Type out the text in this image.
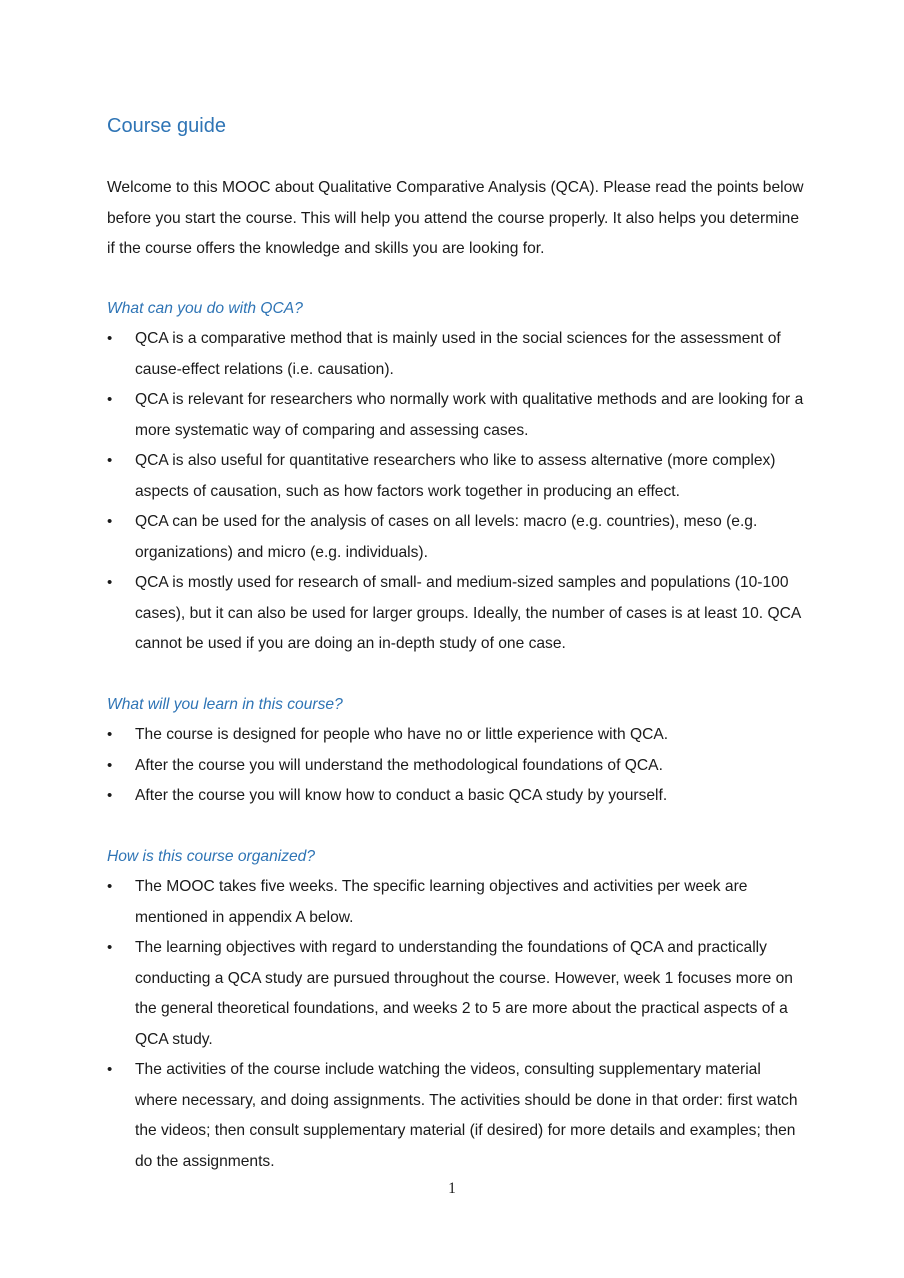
Course guide

Welcome to this MOOC about Qualitative Comparative Analysis (QCA). Please read the points below before you start the course. This will help you attend the course properly. It also helps you determine if the course offers the knowledge and skills you are looking for.

What can you do with QCA?
•	QCA is a comparative method that is mainly used in the social sciences for the assessment of cause-effect relations (i.e. causation).
•	QCA is relevant for researchers who normally work with qualitative methods and are looking for a more systematic way of comparing and assessing cases.
•	QCA is also useful for quantitative researchers who like to assess alternative (more complex) aspects of causation, such as how factors work together in producing an effect.
•	QCA can be used for the analysis of cases on all levels: macro (e.g. countries), meso (e.g. organizations) and micro (e.g. individuals).
•	QCA is mostly used for research of small- and medium-sized samples and populations (10-100 cases), but it can also be used for larger groups. Ideally, the number of cases is at least 10. QCA cannot be used if you are doing an in-depth study of one case.
What will you learn in this course?
•	The course is designed for people who have no or little experience with QCA.
•	After the course you will understand the methodological foundations of QCA.
•	After the course you will know how to conduct a basic QCA study by yourself.
How is this course organized?
•	The MOOC takes five weeks. The specific learning objectives and activities per week are mentioned in appendix A below.
•	The learning objectives with regard to understanding the foundations of QCA and practically conducting a QCA study are pursued throughout the course. However, week 1 focuses more on the general theoretical foundations, and weeks 2 to 5 are more about the practical aspects of a QCA study.
•	The activities of the course include watching the videos, consulting supplementary material where necessary, and doing assignments. The activities should be done in that order: first watch the videos; then consult supplementary material (if desired) for more details and examples; then do the assignments.
1
